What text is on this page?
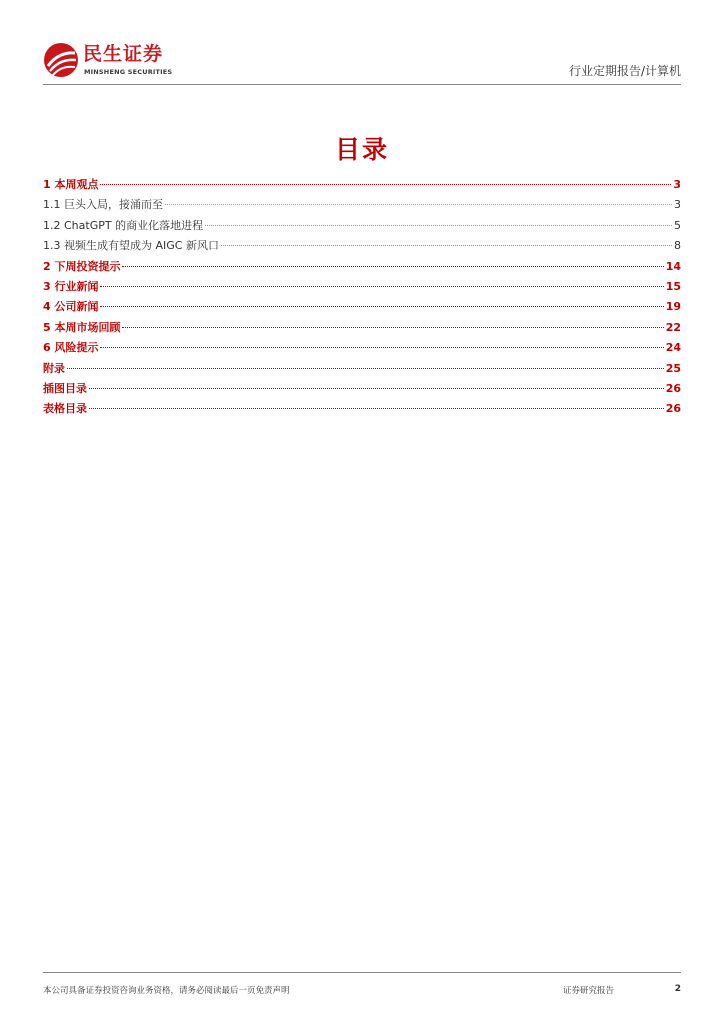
民生证券
MINSHENG SECURITIES	行业定期报告/计算机
目录
1 本周观点	3
1.1 巨头入局，接涌而至	3
1.2 ChatGPT 的商业化落地进程	5
1.3 视频生成有望成为 AIGC 新风口	8
2 下周投资提示	14
3 行业新闻	15
4 公司新闻	19
5 本周市场回顾	22
6 风险提示	24
附录	25
插图目录	26
表格目录	26
本公司具备证券投资咨询业务资格，请务必阅读最后一页免责声明	证券研究报告	2
